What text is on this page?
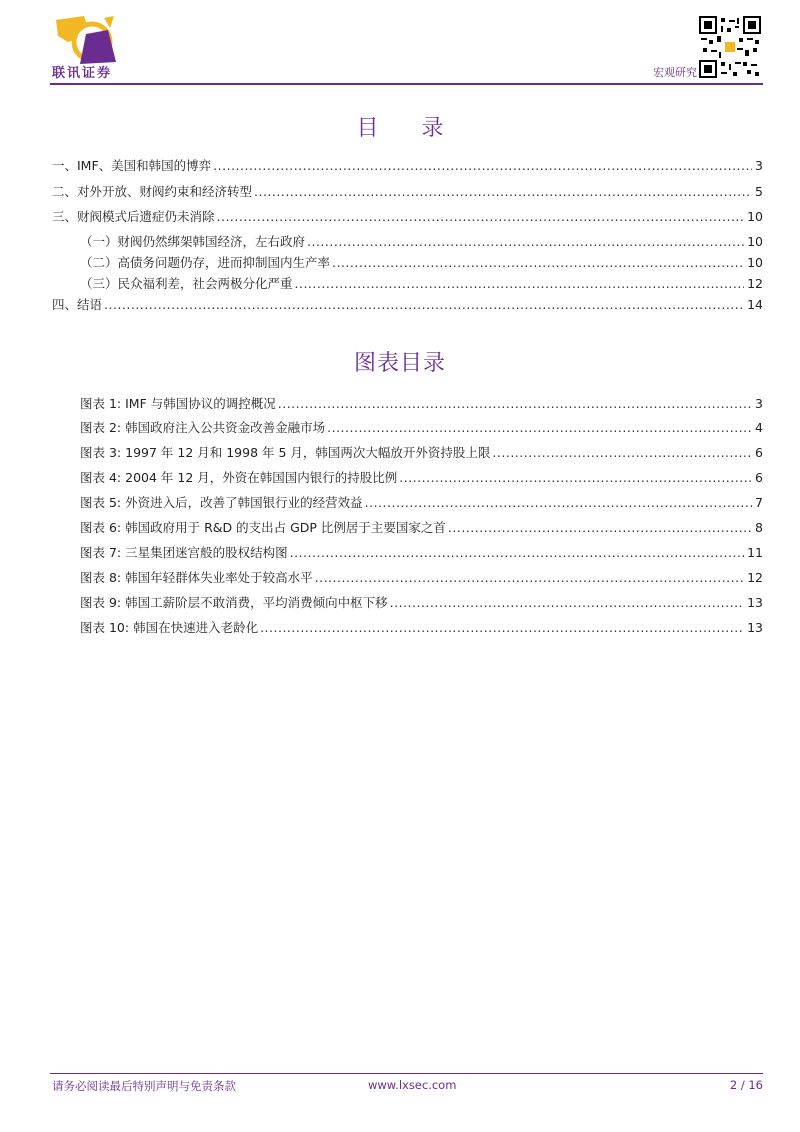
联讯证券	宏观研究
目 录
一、IMF、美国和韩国的博弈 .....	3
二、对外开放、财阀约束和经济转型 .....	5
三、财阀模式后遗症仍未消除 .....	10
（一）财阀仍然绑架韩国经济，左右政府 .....	10
（二）高债务问题仍存，进而抑制国内生产率 .....	10
（三）民众福利差，社会两极分化严重 .....	12
四、结语 .....	14
图表目录
图表 1: IMF 与韩国协议的调控概况 .....	3
图表 2: 韩国政府注入公共资金改善金融市场 .....	4
图表 3: 1997 年 12 月和 1998 年 5 月，韩国两次大幅放开外资持股上限 .....	6
图表 4: 2004 年 12 月，外资在韩国国内银行的持股比例 .....	6
图表 5: 外资进入后，改善了韩国银行业的经营效益 .....	7
图表 6: 韩国政府用于 R&D 的支出占 GDP 比例居于主要国家之首 .....	8
图表 7: 三星集团迷宫般的股权结构图 .....	11
图表 8: 韩国年轻群体失业率处于较高水平 .....	12
图表 9: 韩国工薪阶层不敢消费，平均消费倾向中枢下移 .....	13
图表 10: 韩国在快速进入老龄化 .....	13
请务必阅读最后特别声明与免责条款	www.lxsec.com	2 / 16
